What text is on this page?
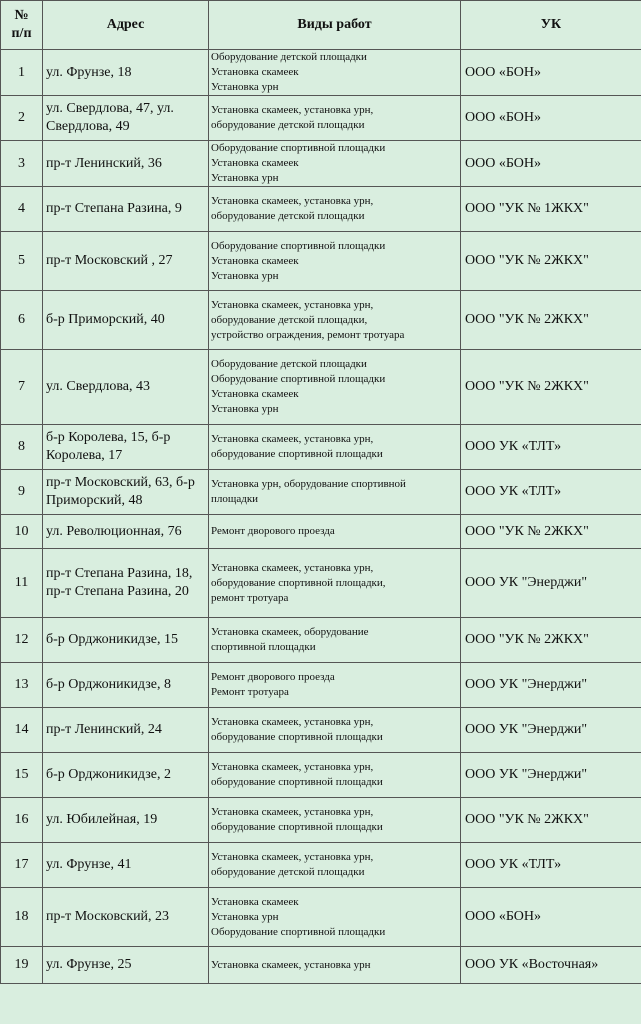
№
п/п	Адрес	Виды работ	УК
1	ул. Фрунзе, 18	Оборудование детской площадки
Установка скамеек
Установка урн	ООО «БОН»
2	ул. Свердлова, 47, ул. Свердлова, 49	Установка скамеек, установка урн,
оборудование детской площадки	ООО «БОН»
3	пр-т Ленинский, 36	Оборудование спортивной площадки
Установка скамеек
Установка урн	ООО «БОН»
4	пр-т Степана Разина, 9	Установка скамеек, установка урн,
оборудование детской площадки	ООО "УК № 1ЖКХ"
5	пр-т Московский , 27	Оборудование спортивной площадки
Установка скамеек
Установка урн	ООО "УК № 2ЖКХ"
6	б-р Приморский, 40	Установка скамеек, установка урн,
оборудование детской площадки,
устройство ограждения, ремонт тротуара	ООО "УК № 2ЖКХ"
7	ул. Свердлова, 43	Оборудование детской площадки
Оборудование спортивной площадки
Установка скамеек
Установка урн	ООО "УК № 2ЖКХ"
8	б-р Королева, 15, б-р Королева, 17	Установка скамеек, установка урн,
оборудование спортивной площадки	ООО УК «ТЛТ»
9	пр-т Московский, 63, б-р Приморский, 48	Установка урн, оборудование спортивной
площадки	ООО УК «ТЛТ»
10	ул. Революционная, 76	Ремонт дворового проезда	ООО "УК № 2ЖКХ"
11	пр-т Степана Разина, 18, пр-т Степана Разина, 20	Установка скамеек, установка урн,
оборудование спортивной площадки,
ремонт тротуара	ООО УК "Энерджи"
12	б-р Орджоникидзе, 15	Установка скамеек, оборудование
спортивной площадки	ООО "УК № 2ЖКХ"
13	б-р Орджоникидзе, 8	Ремонт дворового проезда
Ремонт тротуара	ООО УК "Энерджи"
14	пр-т Ленинский, 24	Установка скамеек, установка урн,
оборудование спортивной площадки	ООО УК "Энерджи"
15	б-р Орджоникидзе, 2	Установка скамеек, установка урн,
оборудование спортивной площадки	ООО УК "Энерджи"
16	ул. Юбилейная, 19	Установка скамеек, установка урн,
оборудование спортивной площадки	ООО "УК № 2ЖКХ"
17	ул. Фрунзе, 41	Установка скамеек, установка урн,
оборудование детской площадки	ООО УК «ТЛТ»
18	пр-т Московский, 23	Установка скамеек
Установка урн
Оборудование спортивной площадки	ООО «БОН»
19	ул. Фрунзе, 25	Установка скамеек, установка урн	ООО УК «Восточная»
